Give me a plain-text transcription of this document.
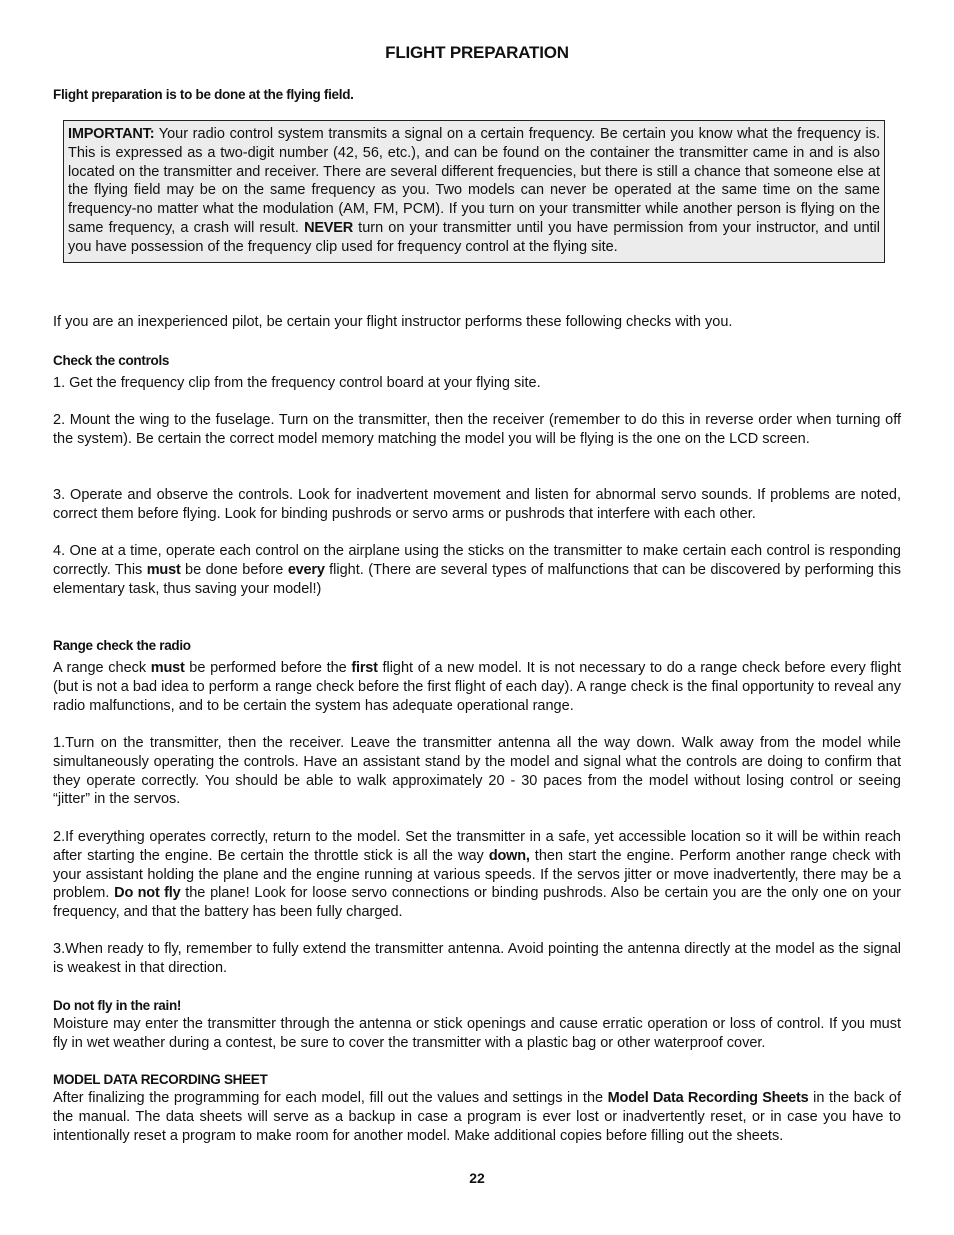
FLIGHT PREPARATION
Flight preparation is to be done at the flying field.
IMPORTANT: Your radio control system transmits a signal on a certain frequency. Be certain you know what the frequency is. This is expressed as a two-digit number (42, 56, etc.), and can be found on the container the transmitter came in and is also located on the transmitter and receiver. There are several different frequencies, but there is still a chance that someone else at the flying field may be on the same frequency as you. Two models can never be operated at the same time on the same frequency-no matter what the modulation (AM, FM, PCM). If you turn on your transmitter while another person is flying on the same frequency, a crash will result. NEVER turn on your transmitter until you have permission from your instructor, and until you have possession of the frequency clip used for frequency control at the flying site.
If you are an inexperienced pilot, be certain your flight instructor performs these following checks with you.
Check the controls
1. Get the frequency clip from the frequency control board at your flying site.
2. Mount the wing to the fuselage. Turn on the transmitter, then the receiver (remember to do this in reverse order when turning off the system). Be certain the correct model memory matching the model you will be flying is the one on the LCD screen.
3. Operate and observe the controls. Look for inadvertent movement and listen for abnormal servo sounds. If problems are noted, correct them before flying. Look for binding pushrods or servo arms or pushrods that interfere with each other.
4. One at a time, operate each control on the airplane using the sticks on the transmitter to make certain each control is responding correctly. This must be done before every flight. (There are several types of malfunctions that can be discovered by performing this elementary task, thus saving your model!)
Range check the radio
A range check must be performed before the first flight of a new model. It is not necessary to do a range check before every flight (but is not a bad idea to perform a range check before the first flight of each day). A range check is the final opportunity to reveal any radio malfunctions, and to be certain the system has adequate operational range.
1.Turn on the transmitter, then the receiver. Leave the transmitter antenna all the way down. Walk away from the model while simultaneously operating the controls. Have an assistant stand by the model and signal what the controls are doing to confirm that they operate correctly. You should be able to walk approximately 20 - 30 paces from the model without losing control or seeing “jitter” in the servos.
2.If everything operates correctly, return to the model. Set the transmitter in a safe, yet accessible location so it will be within reach after starting the engine. Be certain the throttle stick is all the way down, then start the engine. Perform another range check with your assistant holding the plane and the engine running at various speeds. If the servos jitter or move inadvertently, there may be a problem. Do not fly the plane! Look for loose servo connections or binding pushrods. Also be certain you are the only one on your frequency, and that the battery has been fully charged.
3.When ready to fly, remember to fully extend the transmitter antenna. Avoid pointing the antenna directly at the model as the signal is weakest in that direction.
Do not fly in the rain!
Moisture may enter the transmitter through the antenna or stick openings and cause erratic operation or loss of control. If you must fly in wet weather during a contest, be sure to cover the transmitter with a plastic bag or other waterproof cover.
MODEL DATA RECORDING SHEET
After finalizing the programming for each model, fill out the values and settings in the Model Data Recording Sheets in the back of the manual. The data sheets will serve as a backup in case a program is ever lost or inadvertently reset, or in case you have to intentionally reset a program to make room for another model. Make additional copies before filling out the sheets.
22
